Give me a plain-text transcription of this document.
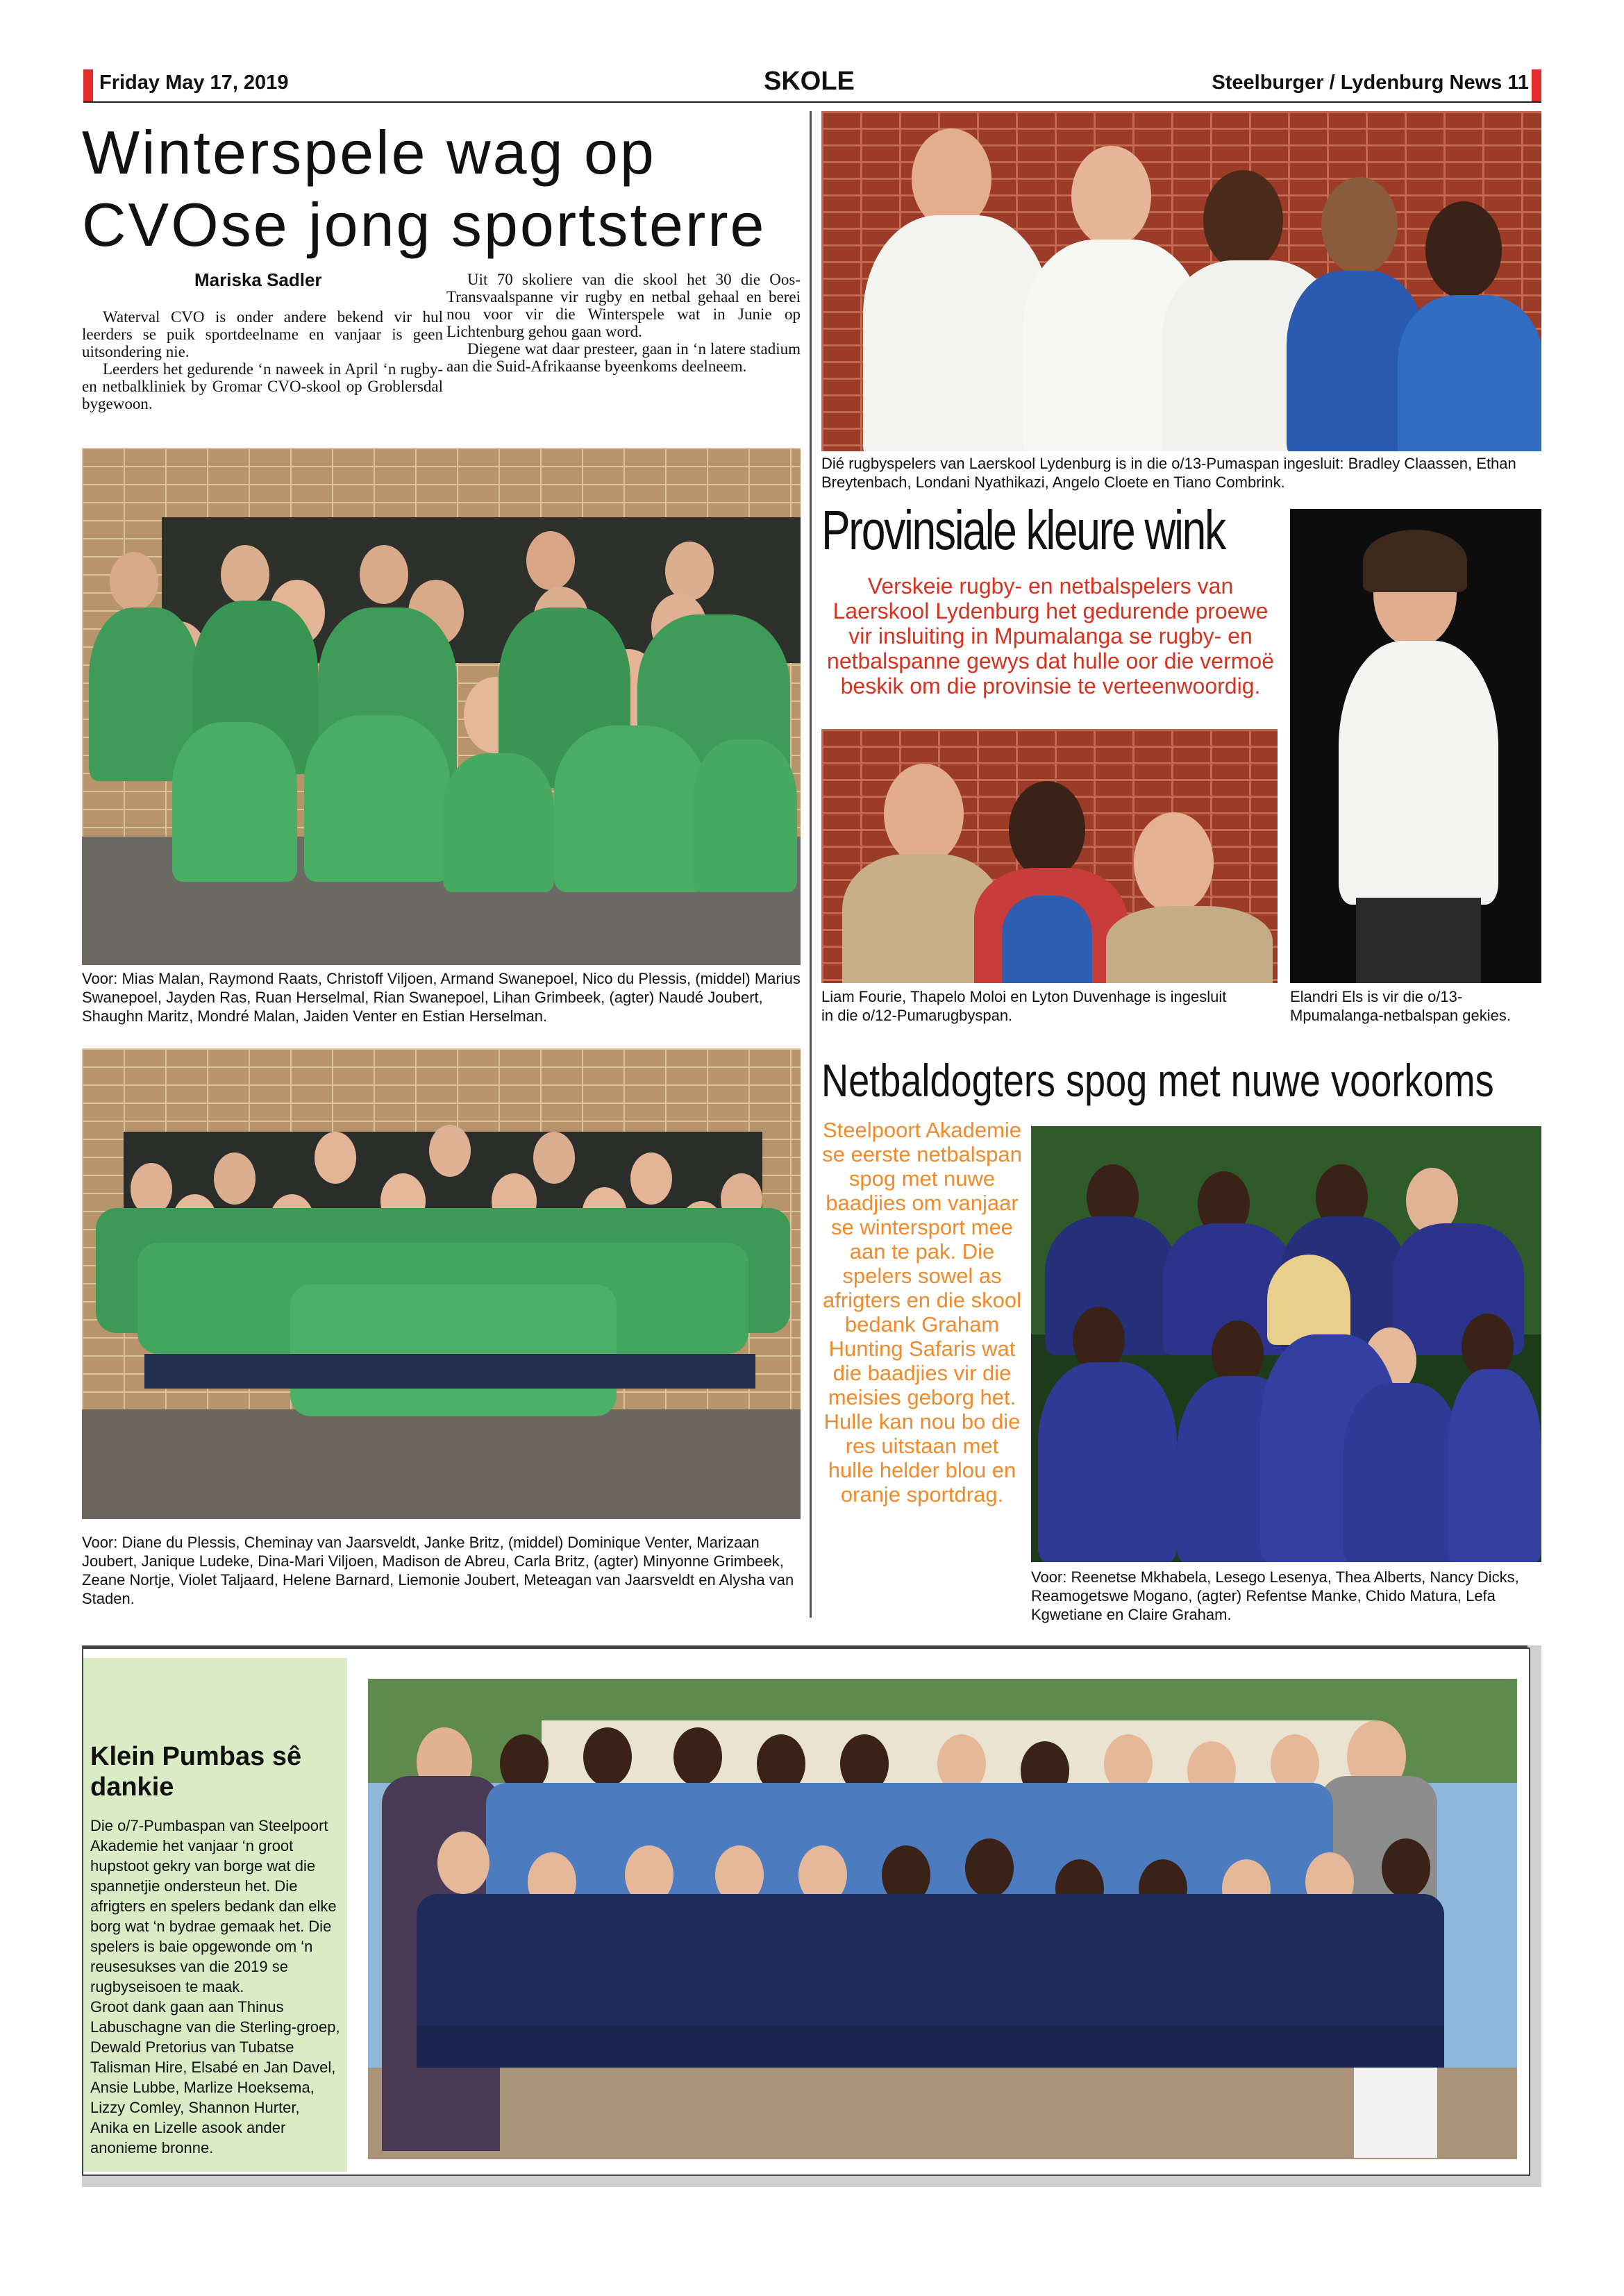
Friday May 17, 2019	SKOLE	Steelburger / Lydenburg News 11
Winterspele wag op
CVOse jong sportsterre
Mariska Sadler
Waterval CVO is onder andere bekend vir hul leerders se puik sportdeelname en vanjaar is geen uitsondering nie.
Leerders het gedurende ‘n naweek in April ‘n rugby- en netbalkliniek by Gromar CVO-skool op Groblersdal bygewoon.
Uit 70 skoliere van die skool het 30 die Oos-Transvaalspanne vir rugby en netbal gehaal en berei nou voor vir die Winterspele wat in Junie op Lichtenburg gehou gaan word.
Diegene wat daar presteer, gaan in ‘n latere stadium aan die Suid-Afrikaanse byeenkoms deelneem.
Voor: Mias Malan, Raymond Raats, Christoff Viljoen, Armand Swanepoel, Nico du Plessis, (middel) Marius Swanepoel, Jayden Ras, Ruan Herselmal, Rian Swanepoel, Lihan Grimbeek, (agter) Naudé Joubert, Shaughn Maritz, Mondré Malan, Jaiden Venter en Estian Herselman.
Voor: Diane du Plessis, Cheminay van Jaarsveldt, Janke Britz, (middel) Dominique Venter, Marizaan Joubert, Janique Ludeke, Dina-Mari Viljoen, Madison de Abreu, Carla Britz, (agter) Minyonne Grimbeek, Zeane Nortje, Violet Taljaard, Helene Barnard, Liemonie Joubert, Meteagan van Jaarsveldt en Alysha van Staden.
Dié rugbyspelers van Laerskool Lydenburg is in die o/13-Pumaspan ingesluit: Bradley Claassen, Ethan Breytenbach, Londani Nyathikazi, Angelo Cloete en Tiano Combrink.
Provinsiale kleure wink
Verskeie rugby- en netbalspelers van Laerskool Lydenburg het gedurende proewe vir insluiting in Mpumalanga se rugby- en netbalspanne gewys dat hulle oor die vermoë beskik om die provinsie te verteenwoordig.
Liam Fourie, Thapelo Moloi en Lyton Duvenhage is ingesluit in die o/12-Pumarugbyspan.
Elandri Els is vir die o/13-Mpumalanga-netbalspan gekies.
Netbaldogters spog met nuwe voorkoms
Steelpoort Akademie se eerste netbalspan spog met nuwe baadjies om vanjaar se wintersport mee aan te pak. Die spelers sowel as afrigters en die skool bedank Graham Hunting Safaris wat die baadjies vir die meisies geborg het. Hulle kan nou bo die res uitstaan met hulle helder blou en oranje sportdrag.
Voor: Reenetse Mkhabela, Lesego Lesenya, Thea Alberts, Nancy Dicks, Reamogetswe Mogano, (agter) Refentse Manke, Chido Matura, Lefa Kgwetiane en Claire Graham.
Klein Pumbas sê dankie
Die o/7-Pumbaspan van Steelpoort Akademie het vanjaar ‘n groot hupstoot gekry van borge wat die spannetjie ondersteun het. Die afrigters en spelers bedank dan elke borg wat ‘n bydrae gemaak het. Die spelers is baie opgewonde om ‘n reusesukses van die 2019 se rugbyseisoen te maak.
Groot dank gaan aan Thinus Labuschagne van die Sterling-groep, Dewald Pretorius van Tubatse Talisman Hire, Elsabé en Jan Davel, Ansie Lubbe, Marlize Hoeksema, Lizzy Comley, Shannon Hurter, Anika en Lizelle asook ander anonieme bronne.
